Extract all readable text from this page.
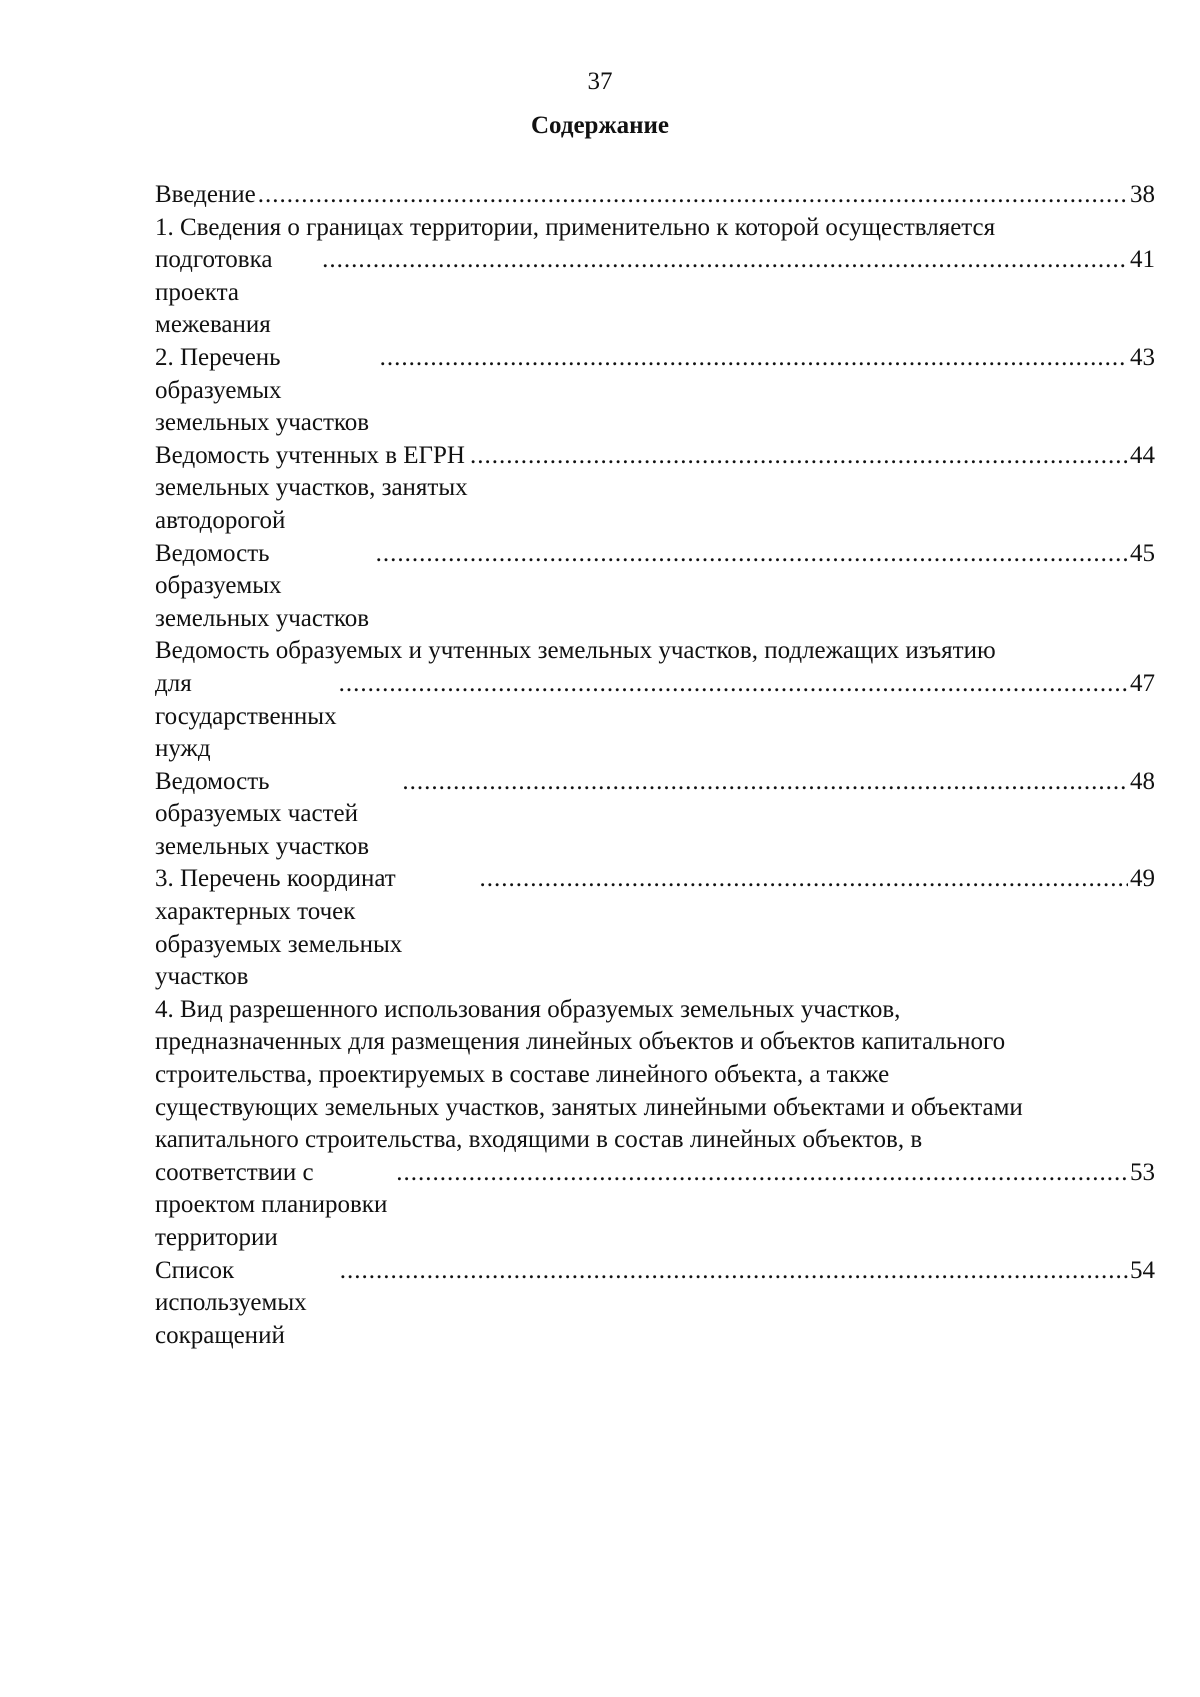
37
Содержание
Введение
.....	38
1. Сведения о границах территории, применительно к которой осуществляется
подготовка проекта межевания
.....
41
2. Перечень образуемых земельных участков
.....
43
Ведомость учтенных в ЕГРН земельных участков, занятых автодорогой
.....
44
Ведомость образуемых земельных участков
.....
45
Ведомость образуемых и учтенных земельных участков, подлежащих изъятию
для государственных нужд
.....
47
Ведомость образуемых частей земельных участков
.....
48
3. Перечень координат характерных точек образуемых земельных участков
.....
49
4. Вид разрешенного использования образуемых земельных участков,
предназначенных для размещения линейных объектов и объектов капитального
строительства, проектируемых в составе линейного объекта, а также
существующих земельных участков, занятых линейными объектами и объектами
капитального строительства, входящими в состав линейных объектов, в
соответствии с проектом планировки территории
.....
53
Список используемых сокращений
.....
54
